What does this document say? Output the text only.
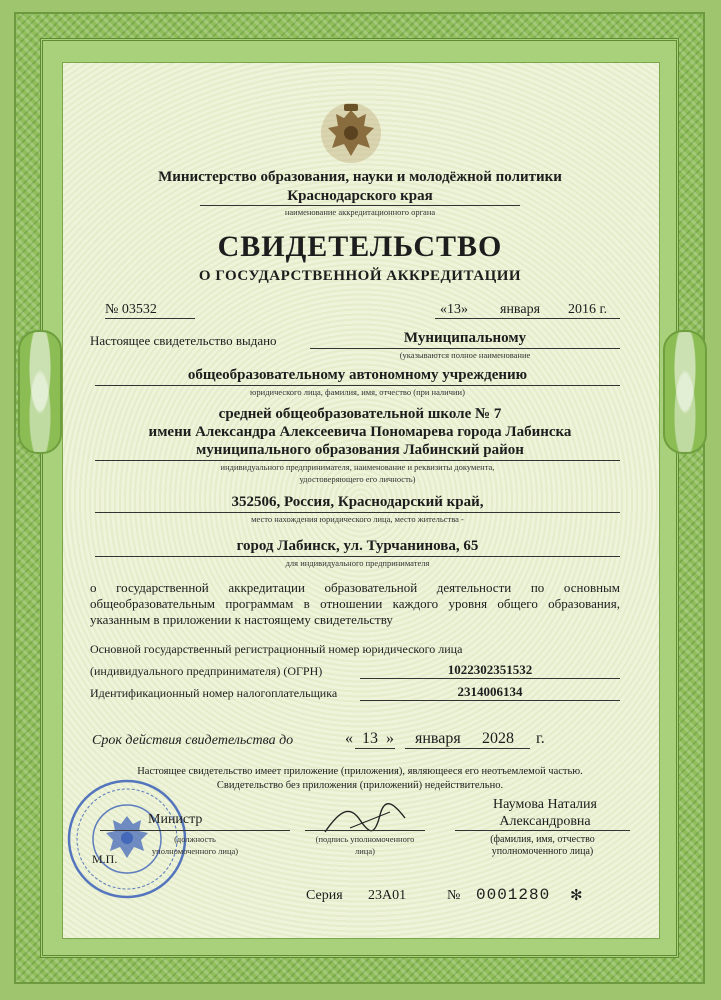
Министерство образования, науки и молодёжной политики
Краснодарского края
наименование аккредитационного органа
СВИДЕТЕЛЬСТВО
О ГОСУДАРСТВЕННОЙ АККРЕДИТАЦИИ
№ 03532	«13» января 2016 г.
Настоящее свидетельство выдано	Муниципальному
(указываются полное наименование
общеобразовательному автономному учреждению
юридического лица, фамилия, имя, отчество (при наличии)
средней общеобразовательной школе № 7
имени Александра Алексеевича Пономарева города Лабинска
муниципального образования Лабинский район
индивидуального предпринимателя, наименование и реквизиты документа,
удостоверяющего его личность)
352506, Россия, Краснодарский край,
место нахождения юридического лица, место жительства -
город Лабинск, ул. Турчанинова, 65
для индивидуального предпринимателя
о государственной аккредитации образовательной деятельности по основным общеобразовательным программам в отношении каждого уровня общего образования, указанным в приложении к настоящему свидетельству
Основной государственный регистрационный номер юридического лица
(индивидуального предпринимателя) (ОГРН)	1022302351532
Идентификационный номер налогоплательщика	2314006134
Срок действия свидетельства до	« 13 » января 2028 г.
Настоящее свидетельство имеет приложение (приложения), являющееся его неотъемлемой частью.
Свидетельство без приложения (приложений) недействительно.
Министр
(должность
уполномоченного лица)
М.П.
(подпись уполномоченного
лица)
Наумова Наталия
Александровна
(фамилия, имя, отчество
уполномоченного лица)
Серия 23А01	№ 0001280 ✻
